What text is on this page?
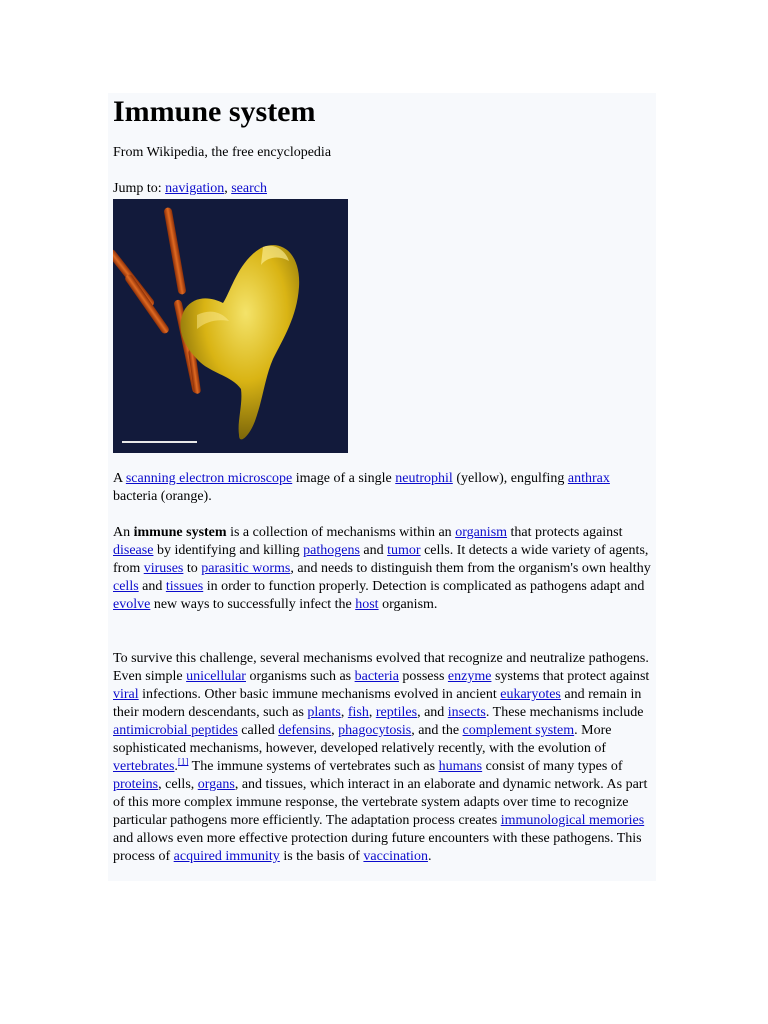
Immune system
From Wikipedia, the free encyclopedia
Jump to: navigation, search

A scanning electron microscope image of a single neutrophil (yellow), engulfing anthrax bacteria (orange).

An immune system is a collection of mechanisms within an organism that protects against disease by identifying and killing pathogens and tumor cells. It detects a wide variety of agents, from viruses to parasitic worms, and needs to distinguish them from the organism's own healthy cells and tissues in order to function properly. Detection is complicated as pathogens adapt and evolve new ways to successfully infect the host organism.

To survive this challenge, several mechanisms evolved that recognize and neutralize pathogens. Even simple unicellular organisms such as bacteria possess enzyme systems that protect against viral infections. Other basic immune mechanisms evolved in ancient eukaryotes and remain in their modern descendants, such as plants, fish, reptiles, and insects. These mechanisms include antimicrobial peptides called defensins, phagocytosis, and the complement system. More sophisticated mechanisms, however, developed relatively recently, with the evolution of vertebrates.[1] The immune systems of vertebrates such as humans consist of many types of proteins, cells, organs, and tissues, which interact in an elaborate and dynamic network. As part of this more complex immune response, the vertebrate system adapts over time to recognize particular pathogens more efficiently. The adaptation process creates immunological memories and allows even more effective protection during future encounters with these pathogens. This process of acquired immunity is the basis of vaccination.
